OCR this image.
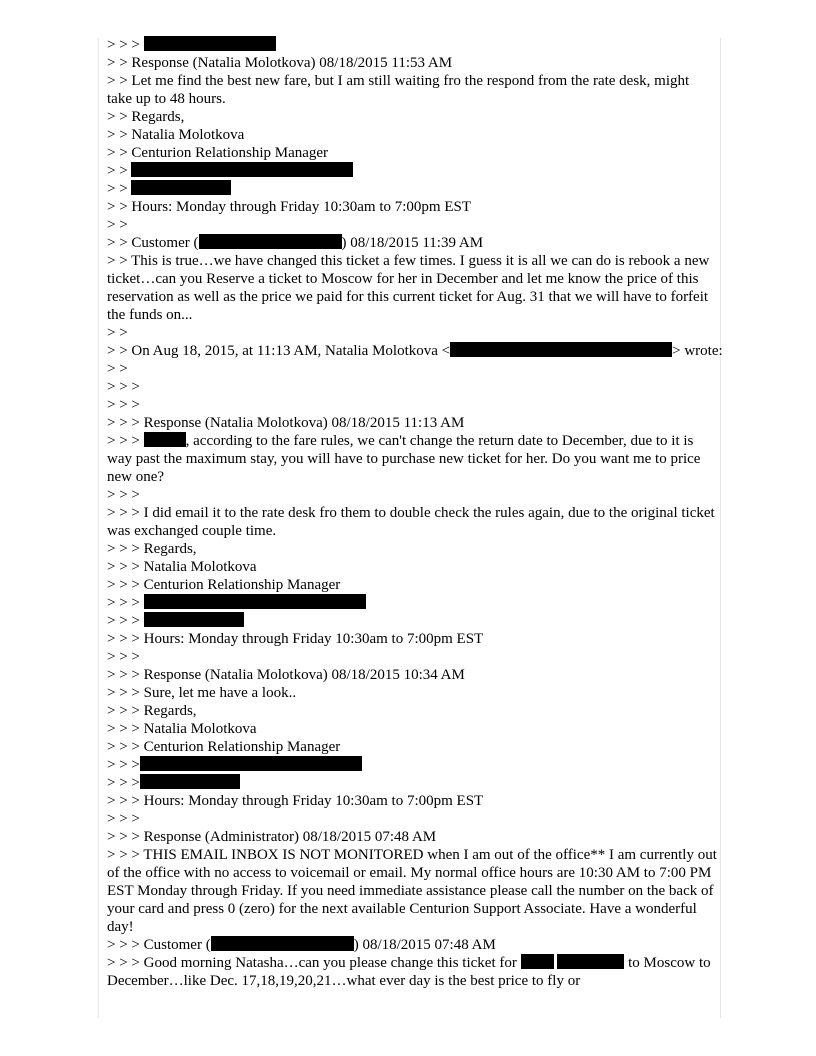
> > >
> > Response (Natalia Molotkova) 08/18/2015 11:53 AM
> > Let me find the best new fare, but I am still waiting fro the respond from the rate desk, might take up to 48 hours.
> > Regards,
> > Natalia Molotkova
> > Centurion Relationship Manager
> >
> >
> > Hours: Monday through Friday 10:30am to 7:00pm EST
> >
> > Customer (	) 08/18/2015 11:39 AM
> > This is true…we have changed this ticket a few times. I guess it is all we can do is rebook a new ticket…can you Reserve a ticket to Moscow for her in December and let me know the price of this reservation as well as the price we paid for this current ticket for Aug. 31 that we will have to forfeit the funds on...
> >
> > On Aug 18, 2015, at 11:13 AM, Natalia Molotkova <	> wrote:
> >
> > >
> > >
> > > Response (Natalia Molotkova) 08/18/2015 11:13 AM
> > >	, according to the fare rules, we can't change the return date to December, due to it is way past the maximum stay, you will have to purchase new ticket for her. Do you want me to price new one?
> > >
> > > I did email it to the rate desk fro them to double check the rules again, due to the original ticket was exchanged couple time.
> > > Regards,
> > > Natalia Molotkova
> > > Centurion Relationship Manager
> > >
> > >
> > > Hours: Monday through Friday 10:30am to 7:00pm EST
> > >
> > > Response (Natalia Molotkova) 08/18/2015 10:34 AM
> > > Sure, let me have a look..
> > > Regards,
> > > Natalia Molotkova
> > > Centurion Relationship Manager
> > >
> > >
> > > Hours: Monday through Friday 10:30am to 7:00pm EST
> > >
> > > Response (Administrator) 08/18/2015 07:48 AM
> > > THIS EMAIL INBOX IS NOT MONITORED when I am out of the office** I am currently out of the office with no access to voicemail or email. My normal office hours are 10:30 AM to 7:00 PM EST Monday through Friday. If you need immediate assistance please call the number on the back of your card and press 0 (zero) for the next available Centurion Support Associate. Have a wonderful day!
> > > Customer (	) 08/18/2015 07:48 AM
> > > Good morning Natasha…can you please change this ticket for	to Moscow to December…like Dec. 17,18,19,20,21…what ever day is the best price to fly or
